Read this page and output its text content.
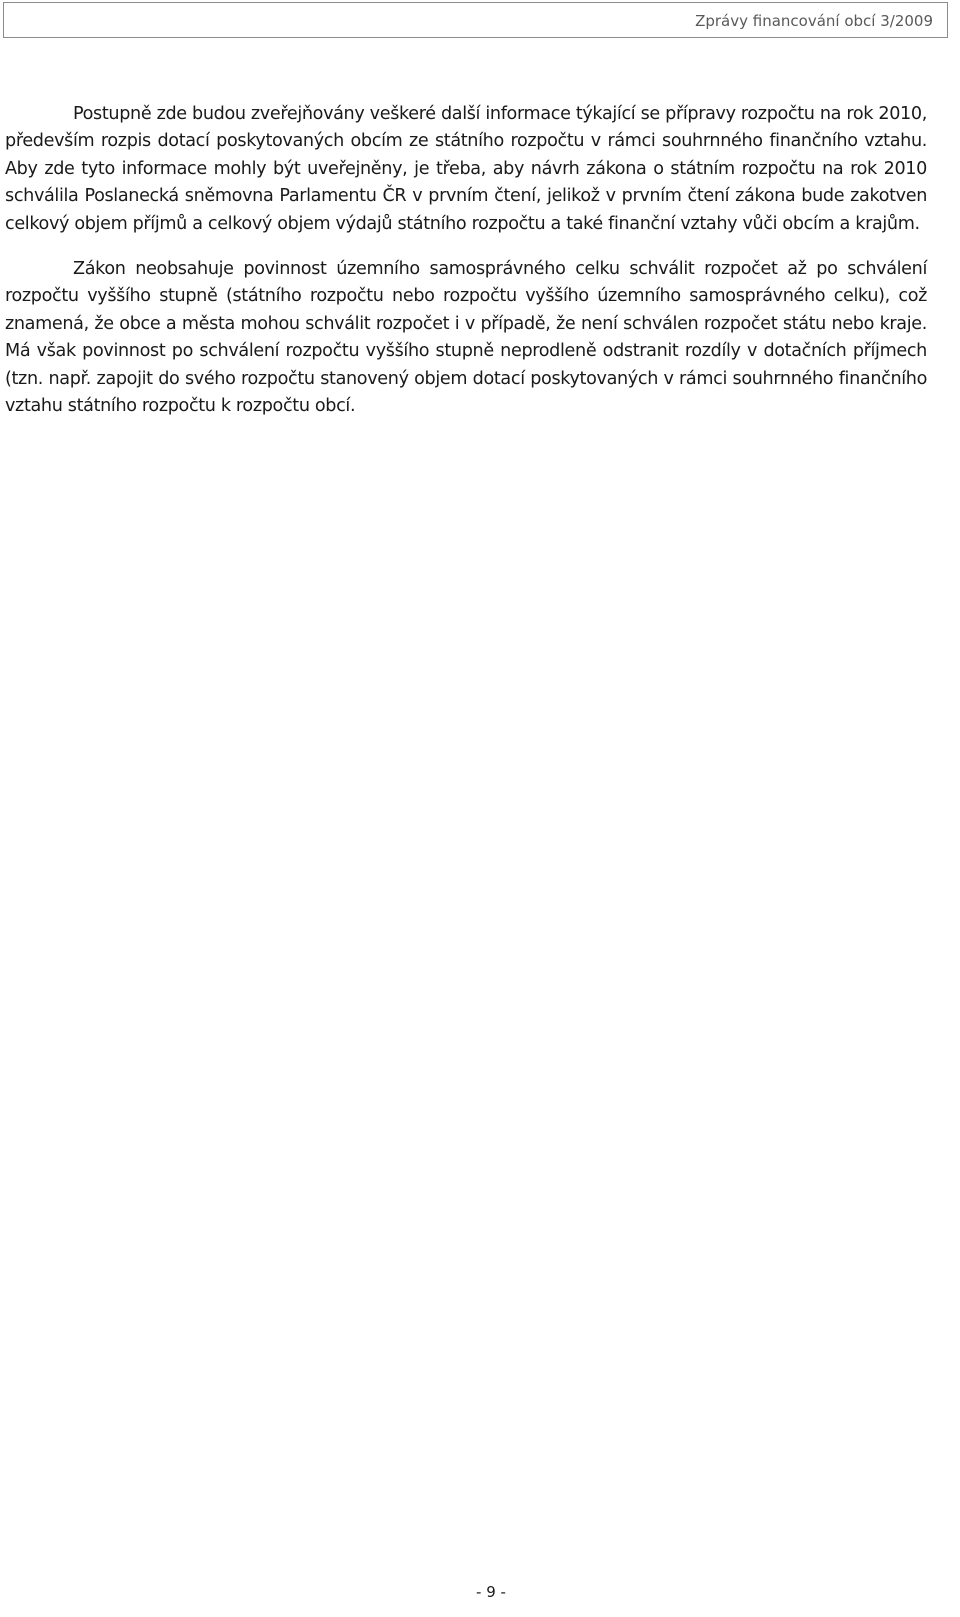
Zprávy financování obcí 3/2009

Postupně zde budou zveřejňovány veškeré další informace týkající se přípravy rozpočtu na rok 2010, především rozpis dotací poskytovaných obcím ze státního rozpočtu v rámci souhrnného finančního vztahu. Aby zde tyto informace mohly být uveřejněny, je třeba, aby návrh zákona o státním rozpočtu na rok 2010 schválila Poslanecká sněmovna Parlamentu ČR v prvním čtení, jelikož v prvním čtení zákona bude zakotven celkový objem příjmů a celkový objem výdajů státního rozpočtu a také finanční vztahy vůči obcím a krajům.

Zákon neobsahuje povinnost územního samosprávného celku schválit rozpočet až po schválení rozpočtu vyššího stupně (státního rozpočtu nebo rozpočtu vyššího územního samosprávného celku), což znamená, že obce a města mohou schválit rozpočet i v případě, že není schválen rozpočet státu nebo kraje. Má však povinnost po schválení rozpočtu vyššího stupně neprodleně odstranit rozdíly v dotačních příjmech (tzn. např. zapojit do svého rozpočtu stanovený objem dotací poskytovaných v rámci souhrnného finančního vztahu státního rozpočtu k rozpočtu obcí.

- 9 -
